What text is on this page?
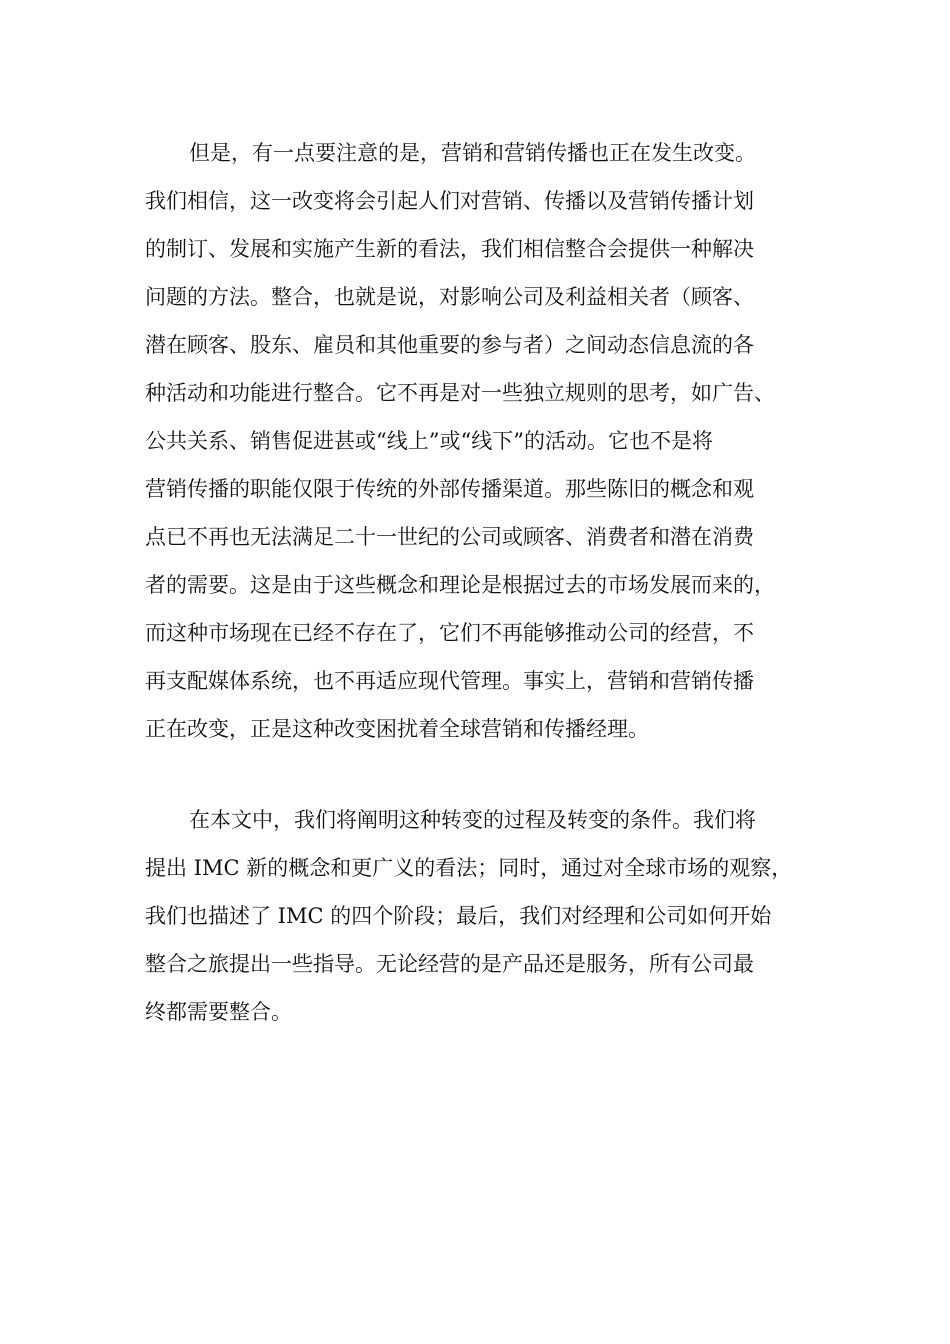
但是，有一点要注意的是，营销和营销传播也正在发生改变。
我们相信，这一改变将会引起人们对营销、传播以及营销传播计划
的制订、发展和实施产生新的看法，我们相信整合会提供一种解决
问题的方法。整合，也就是说，对影响公司及利益相关者（顾客、
潜在顾客、股东、雇员和其他重要的参与者）之间动态信息流的各
种活动和功能进行整合。它不再是对一些独立规则的思考，如广告、
公共关系、销售促进甚或“线上”或“线下”的活动。它也不是将
营销传播的职能仅限于传统的外部传播渠道。那些陈旧的概念和观
点已不再也无法满足二十一世纪的公司或顾客、消费者和潜在消费
者的需要。这是由于这些概念和理论是根据过去的市场发展而来的，
而这种市场现在已经不存在了，它们不再能够推动公司的经营，不
再支配媒体系统，也不再适应现代管理。事实上，营销和营销传播
正在改变，正是这种改变困扰着全球营销和传播经理。
在本文中，我们将阐明这种转变的过程及转变的条件。我们将
提出 IMC 新的概念和更广义的看法；同时，通过对全球市场的观察，
我们也描述了 IMC 的四个阶段；最后，我们对经理和公司如何开始
整合之旅提出一些指导。无论经营的是产品还是服务，所有公司最
终都需要整合。
